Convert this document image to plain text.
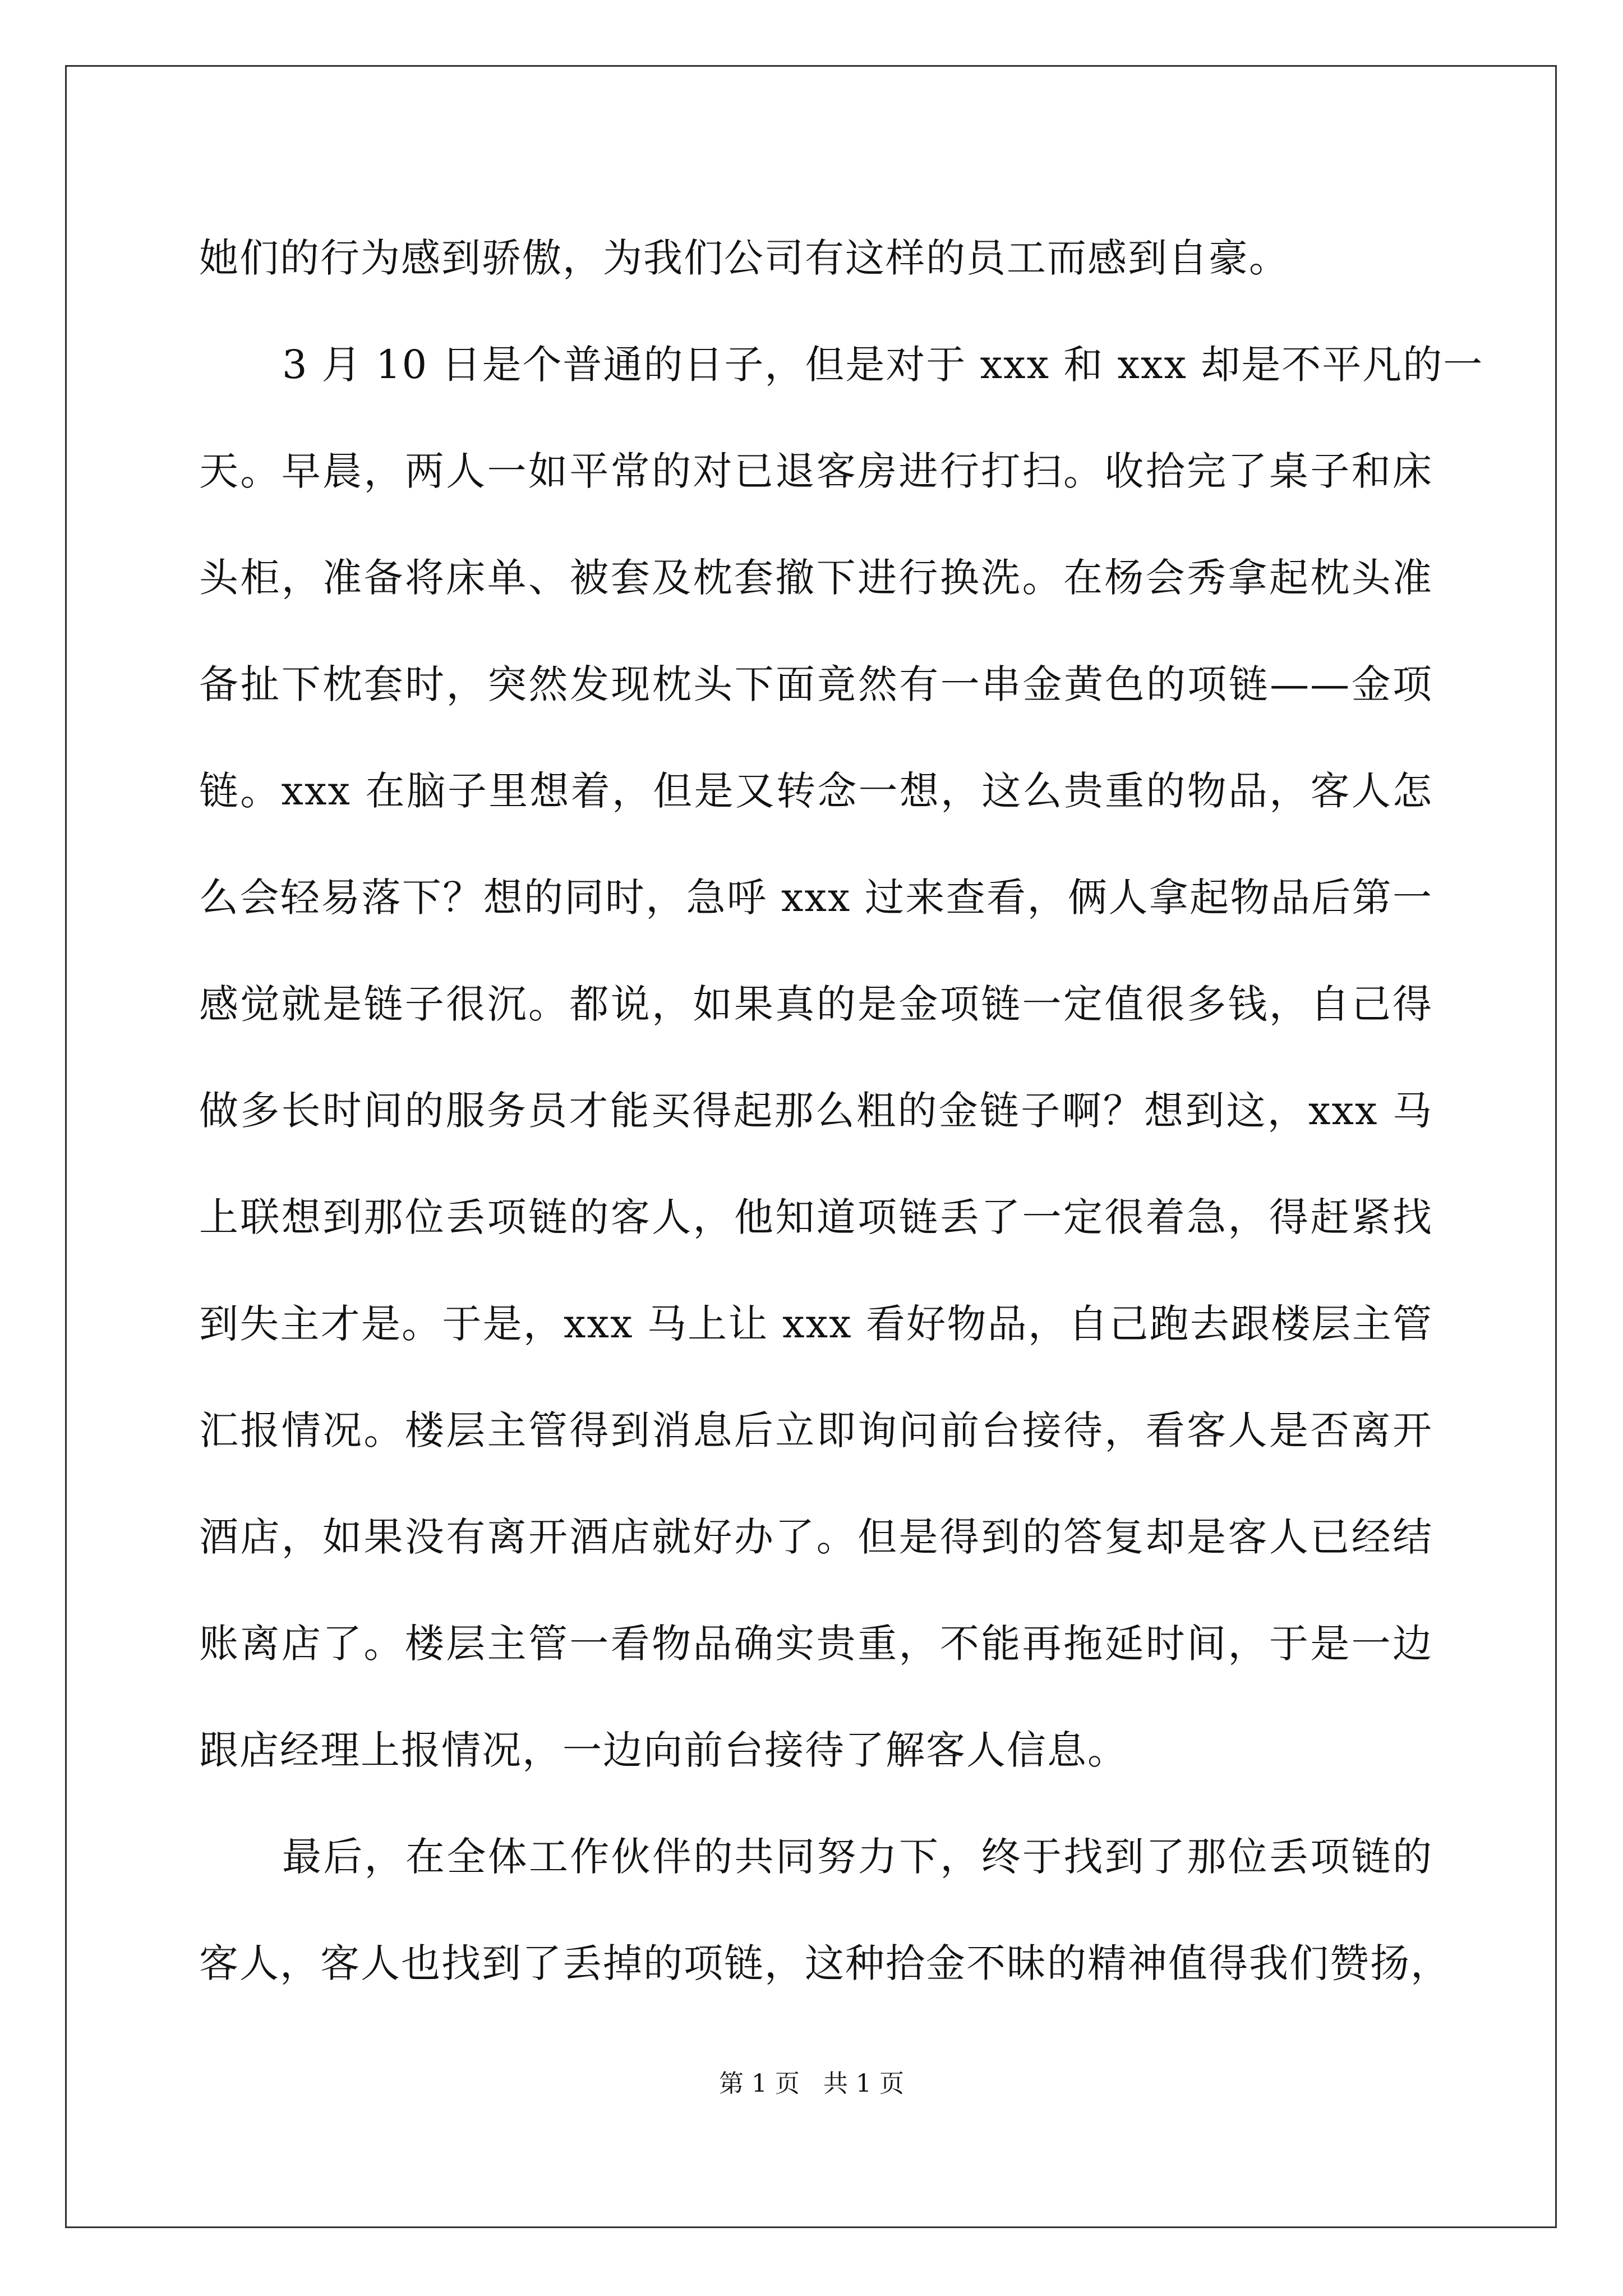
她们的行为感到骄傲，为我们公司有这样的员工而感到自豪。
3 月 10 日是个普通的日子，但是对于 xxx 和 xxx 却是不平凡的一
天。早晨，两人一如平常的对已退客房进行打扫。收拾完了桌子和床
头柜，准备将床单、被套及枕套撤下进行换洗。在杨会秀拿起枕头准
备扯下枕套时，突然发现枕头下面竟然有一串金黄色的项链——金项
链。xxx 在脑子里想着，但是又转念一想，这么贵重的物品，客人怎
么会轻易落下？想的同时，急呼 xxx 过来查看，俩人拿起物品后第一
感觉就是链子很沉。都说，如果真的是金项链一定值很多钱，自己得
做多长时间的服务员才能买得起那么粗的金链子啊？想到这，xxx 马
上联想到那位丢项链的客人，他知道项链丢了一定很着急，得赶紧找
到失主才是。于是，xxx 马上让 xxx 看好物品，自己跑去跟楼层主管
汇报情况。楼层主管得到消息后立即询问前台接待，看客人是否离开
酒店，如果没有离开酒店就好办了。但是得到的答复却是客人已经结
账离店了。楼层主管一看物品确实贵重，不能再拖延时间，于是一边
跟店经理上报情况，一边向前台接待了解客人信息。
最后，在全体工作伙伴的共同努力下，终于找到了那位丢项链的
客人，客人也找到了丢掉的项链，这种拾金不昧的精神值得我们赞扬，
第 1 页   共 1 页
